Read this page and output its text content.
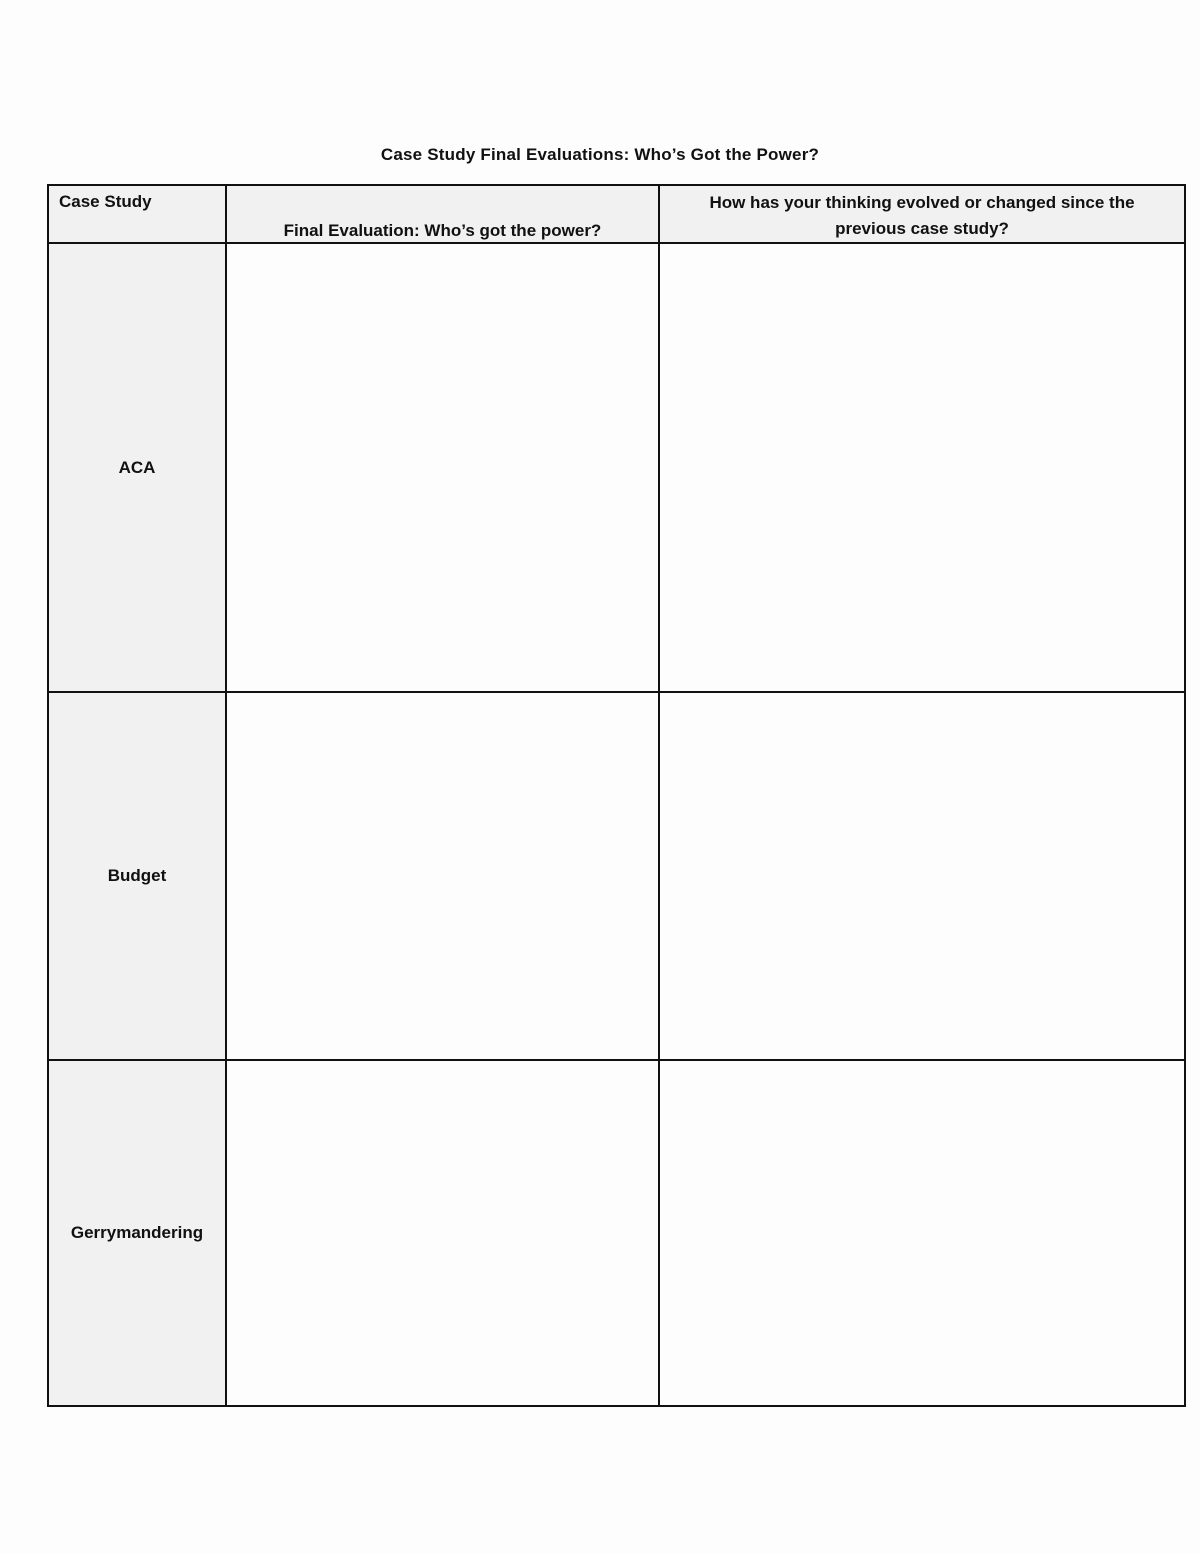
Case Study Final Evaluations: Who’s Got the Power?
Case Study	Final Evaluation: Who’s got the power?	How has your thinking evolved or changed since the previous case study?
ACA		
Budget		
Gerrymandering		
